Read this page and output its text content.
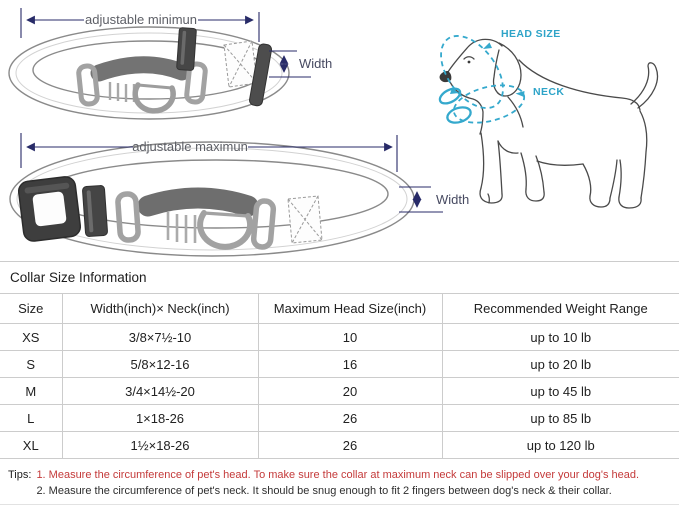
adjustable minimun
Width
adjustable maximun
Width
HEAD SIZE
NECK
Collar Size Information			
Size	Width(inch)× Neck(inch)	Maximum Head Size(inch)	Recommended Weight Range
XS	3/8×7½-10	10	up to 10 lb
S	5/8×12-16	16	up to 20 lb
M	3/4×14½-20	20	up to 45 lb
L	1×18-26	26	up to 85 lb
XL	1½×18-26	26	up to 120 lb
Tips: 1. Measure the circumference of pet's head. To make sure the collar at maximum neck can be slipped over your dog's head.
2. Measure the circumference of pet's neck. It should be snug enough to fit 2 fingers between dog's neck & their collar.
